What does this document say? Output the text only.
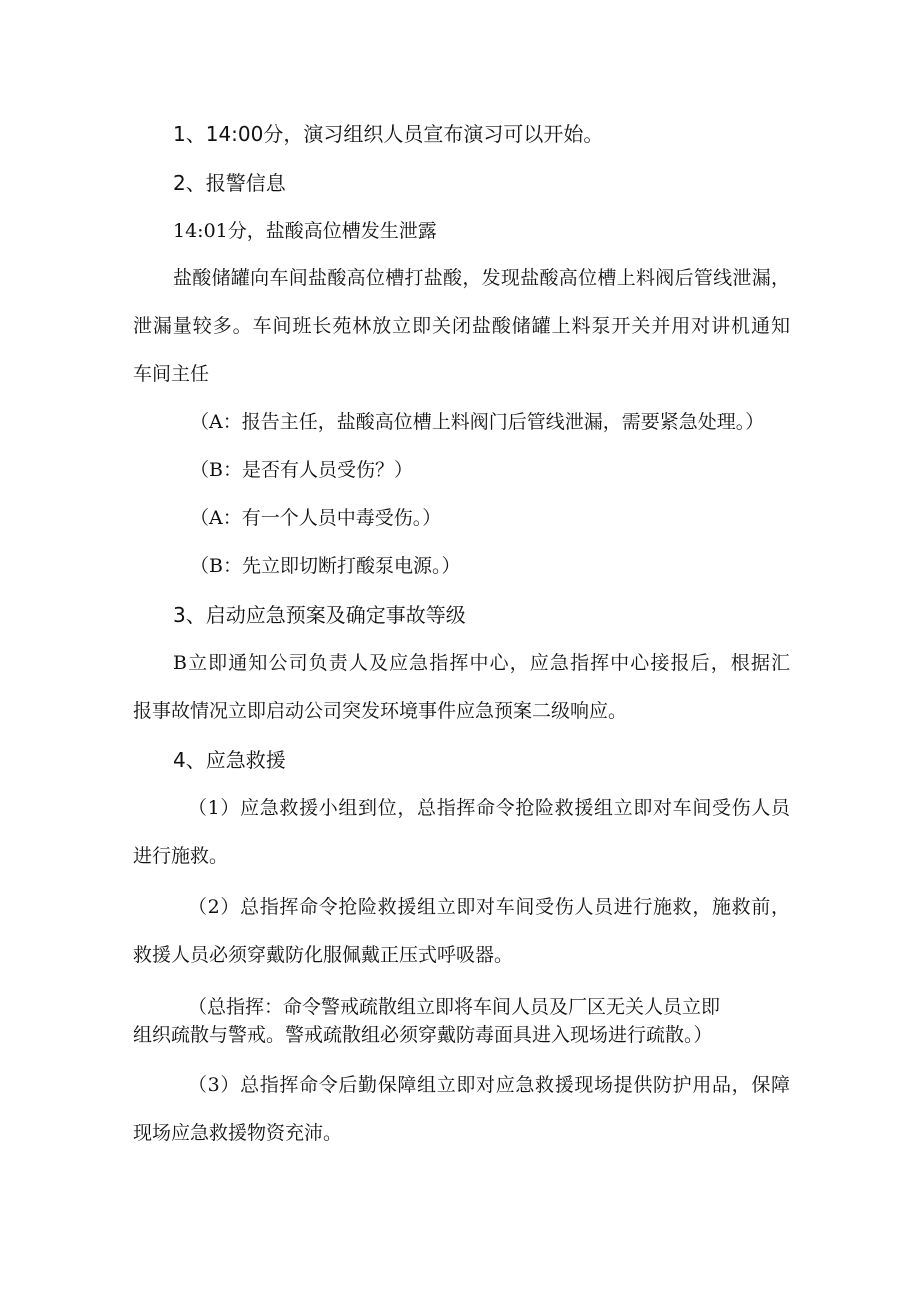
1、14:00分，演习组织人员宣布演习可以开始。
2、报警信息
14:01分，盐酸高位槽发生泄露
盐酸储罐向车间盐酸高位槽打盐酸，发现盐酸高位槽上料阀后管线泄漏，
泄漏量较多。车间班长苑林放立即关闭盐酸储罐上料泵开关并用对讲机通知
车间主任
（A：报告主任，盐酸高位槽上料阀门后管线泄漏，需要紧急处理。）
（B：是否有人员受伤？）
（A：有一个人员中毒受伤。）
（B：先立即切断打酸泵电源。）
3、启动应急预案及确定事故等级
B立即通知公司负责人及应急指挥中心，应急指挥中心接报后，根据汇
报事故情况立即启动公司突发环境事件应急预案二级响应。
4、应急救援
（1）应急救援小组到位，总指挥命令抢险救援组立即对车间受伤人员
进行施救。
（2）总指挥命令抢险救援组立即对车间受伤人员进行施救，施救前，
救援人员必须穿戴防化服佩戴正压式呼吸器。
（总指挥：命令警戒疏散组立即将车间人员及厂区无关人员立即
组织疏散与警戒。警戒疏散组必须穿戴防毒面具进入现场进行疏散。）
（3）总指挥命令后勤保障组立即对应急救援现场提供防护用品，保障
现场应急救援物资充沛。
